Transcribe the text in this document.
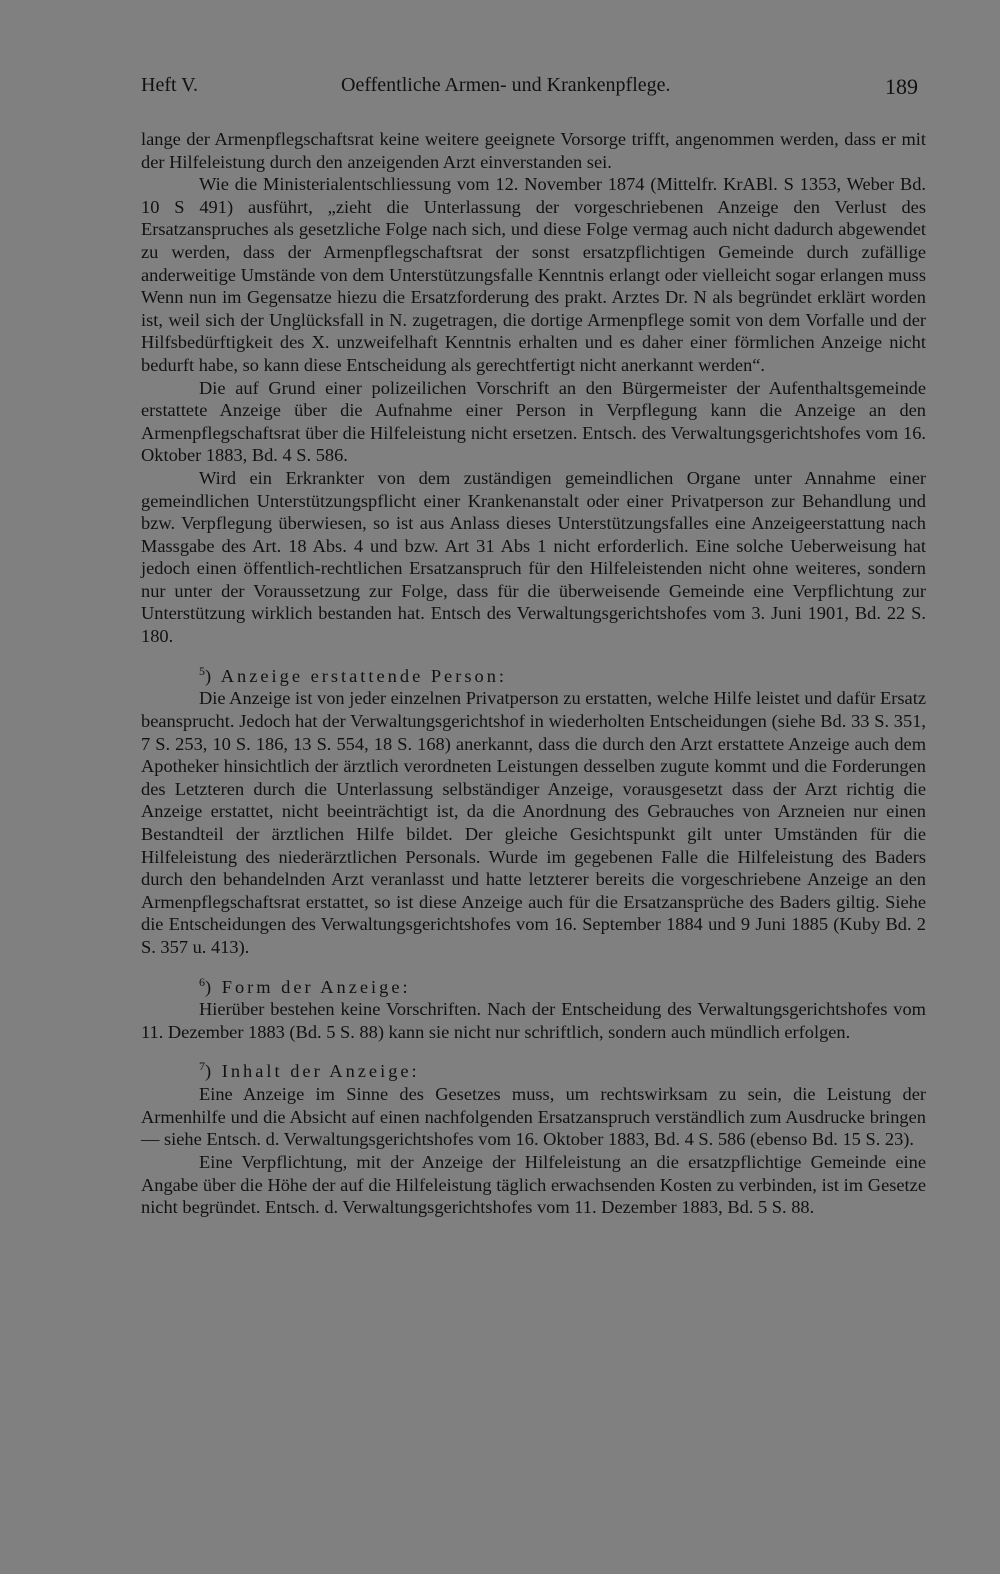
Heft V.	Oeffentliche Armen- und Krankenpflege.	189

lange der Armenpflegschaftsrat keine weitere geeignete Vorsorge trifft, angenommen werden, dass er mit der Hilfeleistung durch den anzeigenden Arzt einverstanden sei.

Wie die Ministerialentschliessung vom 12. November 1874 (Mittelfr. KrABl. S 1353, Weber Bd. 10 S 491) ausführt, „zieht die Unterlassung der vorgeschriebenen Anzeige den Verlust des Ersatzanspruches als gesetzliche Folge nach sich, und diese Folge vermag auch nicht dadurch abgewendet zu werden, dass der Armenpflegschaftsrat der sonst ersatzpflichtigen Gemeinde durch zufällige anderweitige Umstände von dem Unterstützungsfalle Kenntnis erlangt oder vielleicht sogar erlangen muss Wenn nun im Gegensatze hiezu die Ersatzforderung des prakt. Arztes Dr. N als begründet erklärt worden ist, weil sich der Unglücksfall in N. zugetragen, die dortige Armenpflege somit von dem Vorfalle und der Hilfsbedürftigkeit des X. unzweifelhaft Kenntnis erhalten und es daher einer förmlichen Anzeige nicht bedurft habe, so kann diese Entscheidung als gerechtfertigt nicht anerkannt werden“.

Die auf Grund einer polizeilichen Vorschrift an den Bürgermeister der Aufenthaltsgemeinde erstattete Anzeige über die Aufnahme einer Person in Verpflegung kann die Anzeige an den Armenpflegschaftsrat über die Hilfeleistung nicht ersetzen. Entsch. des Verwaltungsgerichtshofes vom 16. Oktober 1883, Bd. 4 S. 586.

Wird ein Erkrankter von dem zuständigen gemeindlichen Organe unter Annahme einer gemeindlichen Unterstützungspflicht einer Krankenanstalt oder einer Privatperson zur Behandlung und bzw. Verpflegung überwiesen, so ist aus Anlass dieses Unterstützungsfalles eine Anzeigeerstattung nach Massgabe des Art. 18 Abs. 4 und bzw. Art 31 Abs 1 nicht erforderlich. Eine solche Ueberweisung hat jedoch einen öffentlich-rechtlichen Ersatzanspruch für den Hilfeleistenden nicht ohne weiteres, sondern nur unter der Voraussetzung zur Folge, dass für die überweisende Gemeinde eine Verpflichtung zur Unterstützung wirklich bestanden hat. Entsch des Verwaltungsgerichtshofes vom 3. Juni 1901, Bd. 22 S. 180.

$^5$) Anzeige erstattende Person:

Die Anzeige ist von jeder einzelnen Privatperson zu erstatten, welche Hilfe leistet und dafür Ersatz beansprucht. Jedoch hat der Verwaltungsgerichtshof in wiederholten Entscheidungen (siehe Bd. 33 S. 351, 7 S. 253, 10 S. 186, 13 S. 554, 18 S. 168) anerkannt, dass die durch den Arzt erstattete Anzeige auch dem Apotheker hinsichtlich der ärztlich verordneten Leistungen desselben zugute kommt und die Forderungen des Letzteren durch die Unterlassung selbständiger Anzeige, vorausgesetzt dass der Arzt richtig die Anzeige erstattet, nicht beeinträchtigt ist, da die Anordnung des Gebrauches von Arzneien nur einen Bestandteil der ärztlichen Hilfe bildet. Der gleiche Gesichtspunkt gilt unter Umständen für die Hilfeleistung des niederärztlichen Personals. Wurde im gegebenen Falle die Hilfeleistung des Baders durch den behandelnden Arzt veranlasst und hatte letzterer bereits die vorgeschriebene Anzeige an den Armenpflegschaftsrat erstattet, so ist diese Anzeige auch für die Ersatzansprüche des Baders giltig. Siehe die Entscheidungen des Verwaltungsgerichtshofes vom 16. September 1884 und 9 Juni 1885 (Kuby Bd. 2 S. 357 u. 413).

$^6$) Form der Anzeige:

Hierüber bestehen keine Vorschriften. Nach der Entscheidung des Verwaltungsgerichtshofes vom 11. Dezember 1883 (Bd. 5 S. 88) kann sie nicht nur schriftlich, sondern auch mündlich erfolgen.

$^7$) Inhalt der Anzeige:

Eine Anzeige im Sinne des Gesetzes muss, um rechtswirksam zu sein, die Leistung der Armenhilfe und die Absicht auf einen nachfolgenden Ersatzanspruch verständlich zum Ausdrucke bringen — siehe Entsch. d. Verwaltungsgerichtshofes vom 16. Oktober 1883, Bd. 4 S. 586 (ebenso Bd. 15 S. 23).

Eine Verpflichtung, mit der Anzeige der Hilfeleistung an die ersatzpflichtige Gemeinde eine Angabe über die Höhe der auf die Hilfeleistung täglich erwachsenden Kosten zu verbinden, ist im Gesetze nicht begründet. Entsch. d. Verwaltungsgerichtshofes vom 11. Dezember 1883, Bd. 5 S. 88.
